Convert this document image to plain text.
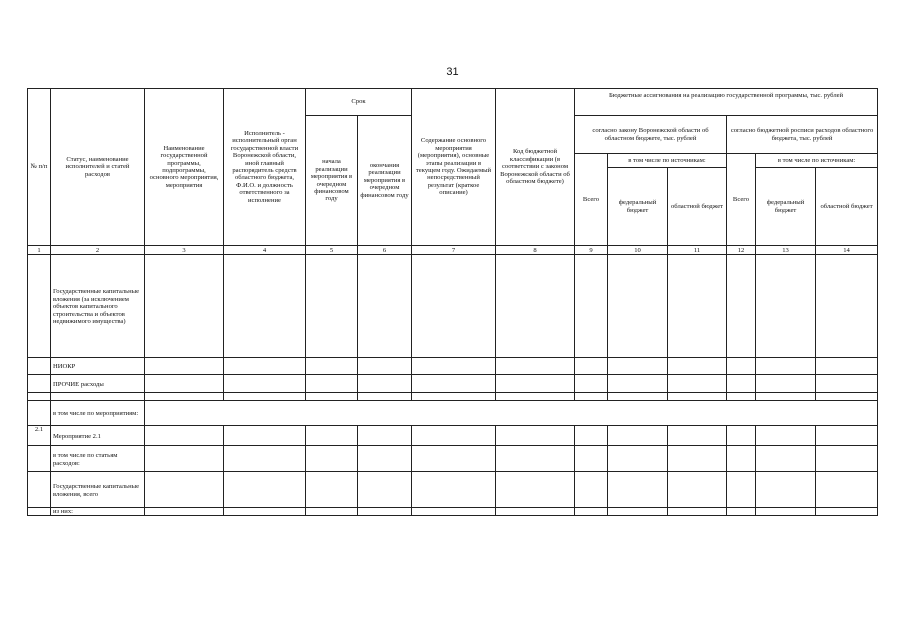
31
№ п/п	Статус, наименование исполнителей и статей расходов	Наименование государственной программы, подпрограммы, основного мероприятия, мероприятия	Исполнитель - исполнительный орган государственной власти Воронежской области, иной главный распорядитель средств областного бюджета, Ф.И.О. и должность ответственного за исполнение	Срок		Содержание основного мероприятия (мероприятия), основные этапы реализации в текущем году. Ожидаемый непосредственный результат (краткое описание)	Код бюджетной классификации (в соответствии с законом Воронежской области об областном бюджете)	Бюджетные ассигнования на реализацию государственной программы, тыс. рублей					
				начала реализации мероприятия в очередном финансовом году	окончания реализации мероприятия в очередном финансовом году			согласно закону Воронежской области об областном бюджете, тыс. рублей			согласно бюджетной росписи расходов областного бюджета, тыс. рублей		
								Всего	в том числе по источникам:		Всего	в том числе по источникам:	
									федеральный бюджет	областной бюджет		федеральный бюджет	областной бюджет
1	2	3	4	5	6	7	8	9	10	11	12	13	14
	Государственные капитальные вложения (за исключением объектов капитального строительства и объектов недвижимого имущества)												
	НИОКР												
	ПРОЧИЕ расходы												

	в том числе по мероприятиям:												
2.1	Мероприятие 2.1												
	в том числе по статьям расходов:												
	Государственные капитальные вложения, всего												
	из них:												
